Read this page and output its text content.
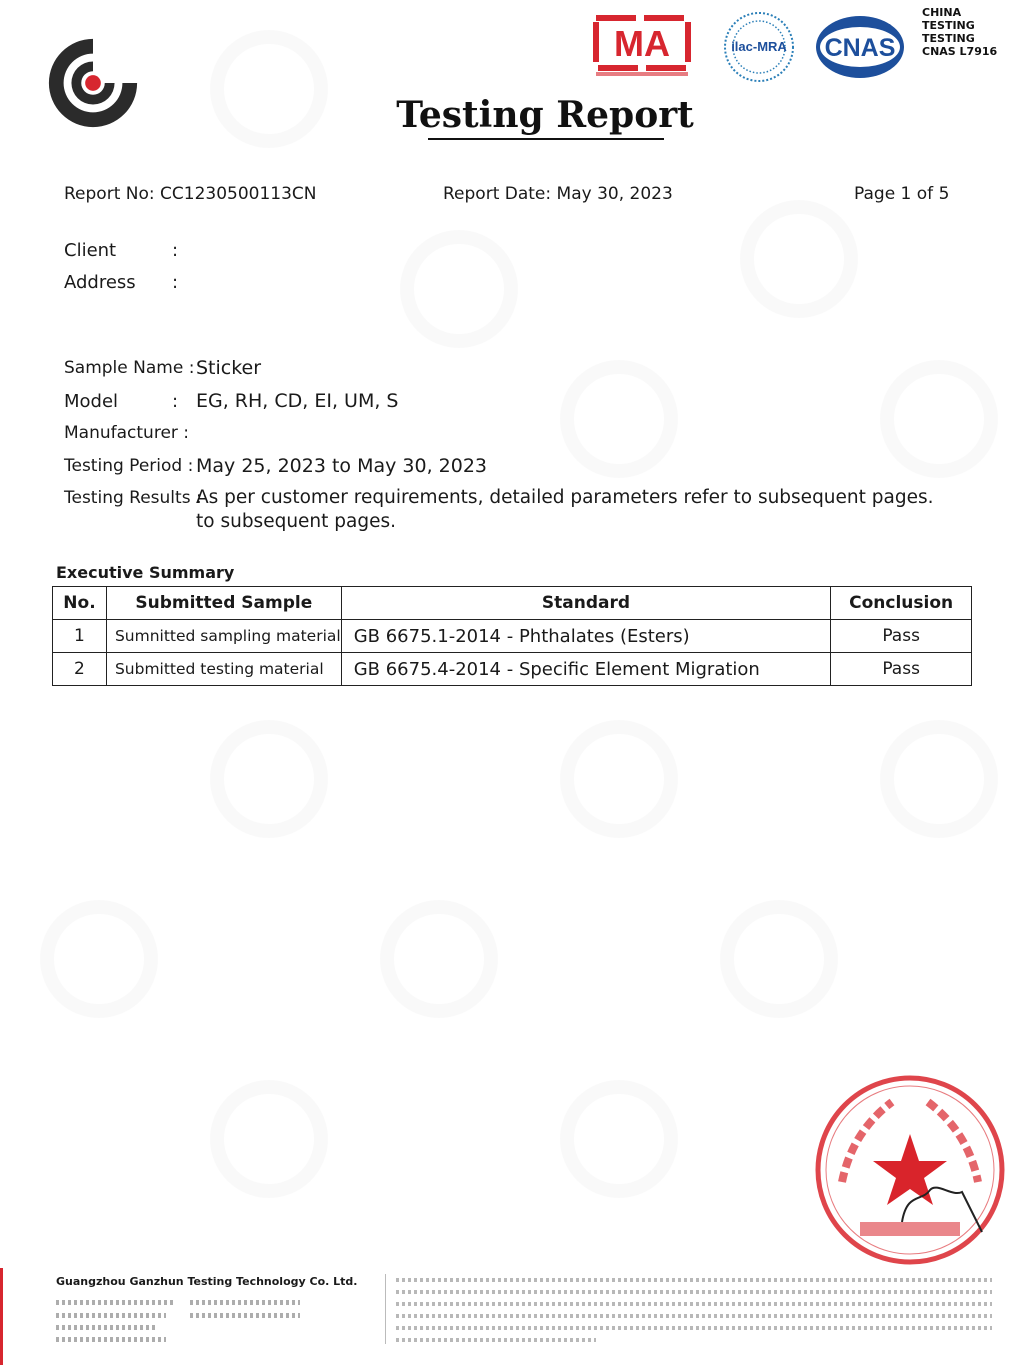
MA	ilac-MRA CNAS
CHINA
TESTING
TESTING
CNAS L7916
Testing Report
Report No: CC1230500113CN	Report Date: May 30, 2023	Page 1 of 5
Client	:
Address :
Sample Name : Sticker
Model	: EG, RH, CD, EI, UM, S
Manufacturer :
Testing Period : May 25, 2023 to May 30, 2023
Testing Results :
As per customer requirements, detailed parameters refer to subsequent pages.
to subsequent pages.
Executive Summary
No.	Submitted Sample	Standard	Conclusion
1	Sumnitted sampling material	GB 6675.1-2014 - Phthalates (Esters)	Pass
2	Submitted testing material	GB 6675.4-2014 - Specific Element Migration	Pass
Guangzhou Ganzhun Testing Technology Co. Ltd.
